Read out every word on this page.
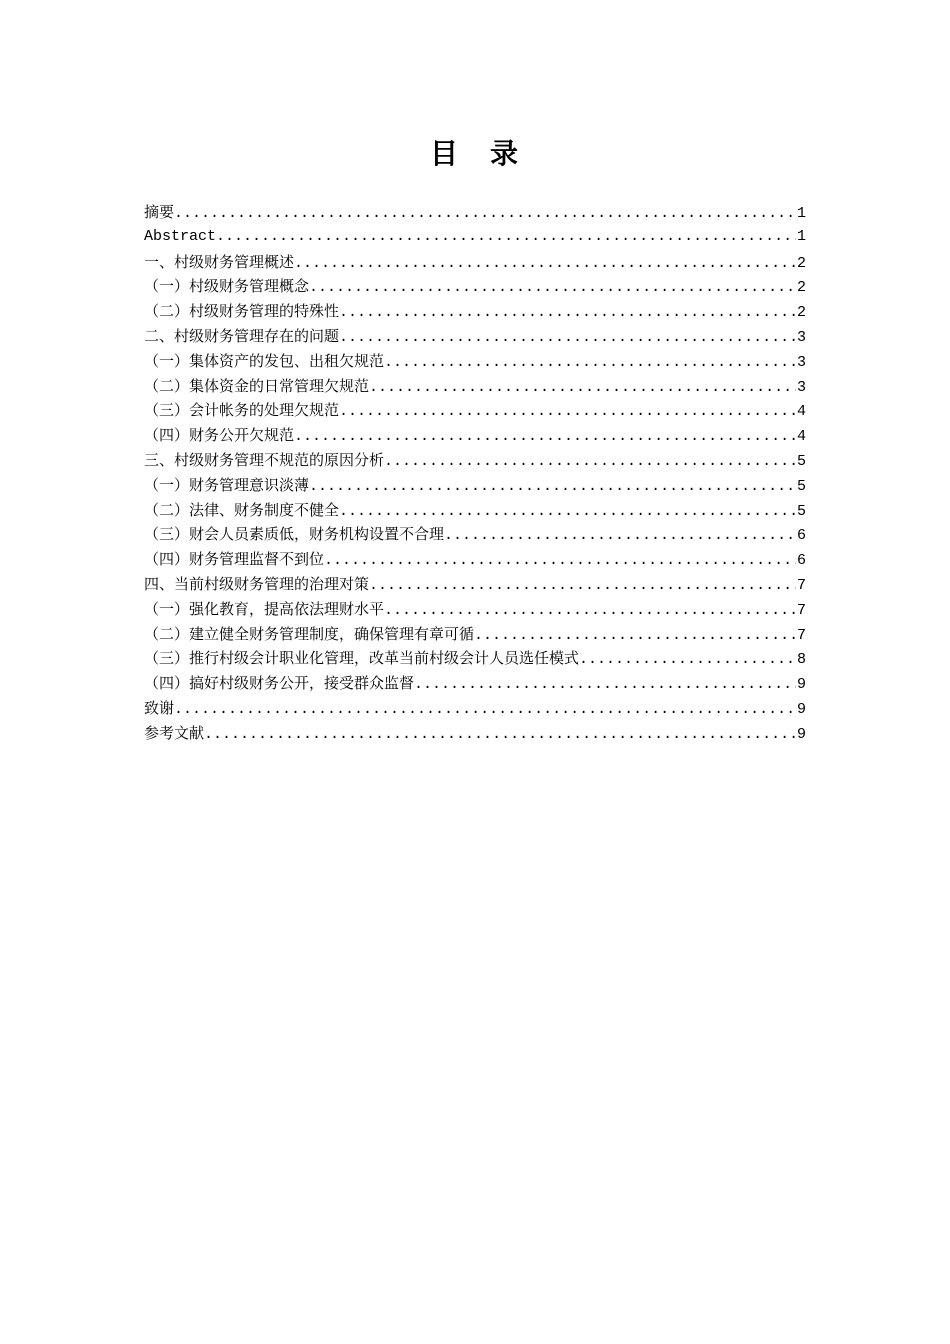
目　录
摘要 .....	1
Abstract .....	1
一、村级财务管理概述 .....	2
（一）村级财务管理概念 .....	2
（二）村级财务管理的特殊性 .....	2
二、村级财务管理存在的问题 .....	3
（一）集体资产的发包、出租欠规范 .....	3
（二）集体资金的日常管理欠规范 .....	3
（三）会计帐务的处理欠规范 .....	4
（四）财务公开欠规范 .....	4
三、村级财务管理不规范的原因分析 .....	5
（一）财务管理意识淡薄 .....	5
（二）法律、财务制度不健全 .....	5
（三）财会人员素质低，财务机构设置不合理 .....	6
（四）财务管理监督不到位 .....	6
四、当前村级财务管理的治理对策 .....	7
（一）强化教育，提高依法理财水平 .....	7
（二）建立健全财务管理制度，确保管理有章可循 .....	7
（三）推行村级会计职业化管理，改革当前村级会计人员选任模式 .....	8
（四）搞好村级财务公开，接受群众监督 .....	9
致谢 .....	9
参考文献 .....	9
